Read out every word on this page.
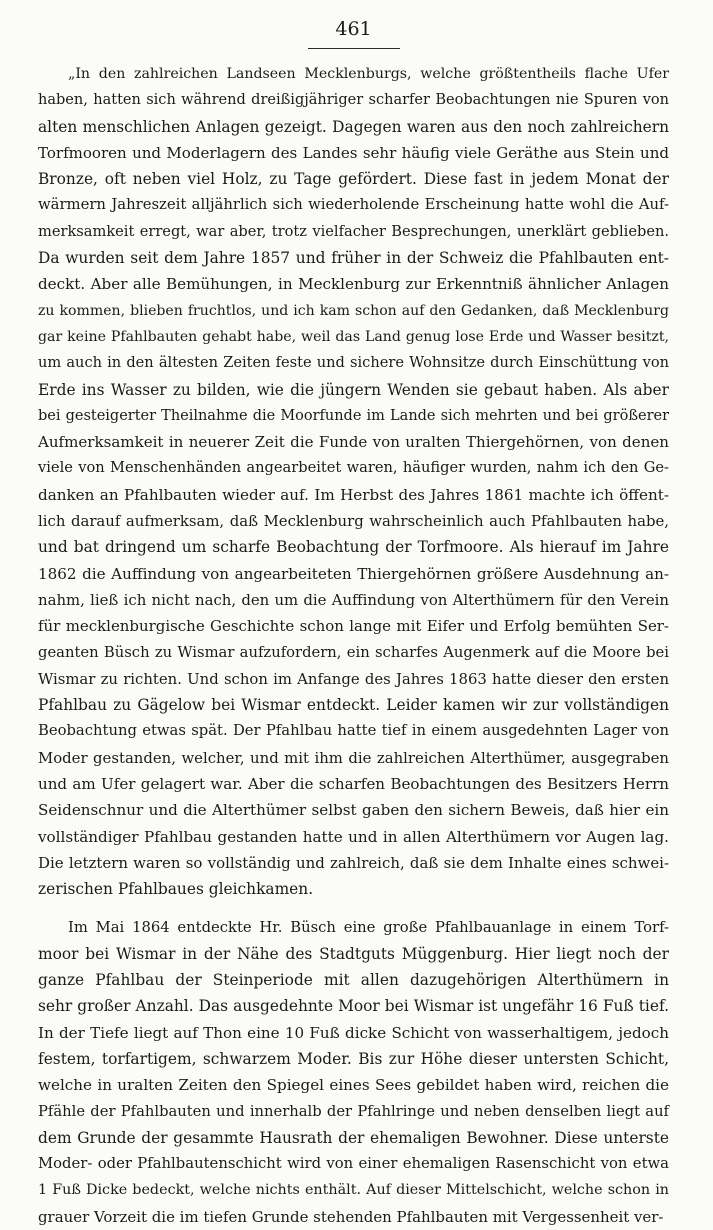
461
„In den zahlreichen Landseen Mecklenburgs, welche größtentheils flache Ufer
haben, hatten sich während dreißigjähriger scharfer Beobachtungen nie Spuren von
alten menschlichen Anlagen gezeigt. Dagegen waren aus den noch zahlreichern
Torfmooren und Moderlagern des Landes sehr häufig viele Geräthe aus Stein und
Bronze, oft neben viel Holz, zu Tage gefördert. Diese fast in jedem Monat der
wärmern Jahreszeit alljährlich sich wiederholende Erscheinung hatte wohl die Auf-
merksamkeit erregt, war aber, trotz vielfacher Besprechungen, unerklärt geblieben.
Da wurden seit dem Jahre 1857 und früher in der Schweiz die Pfahlbauten ent-
deckt. Aber alle Bemühungen, in Mecklenburg zur Erkenntniß ähnlicher Anlagen
zu kommen, blieben fruchtlos, und ich kam schon auf den Gedanken, daß Mecklenburg
gar keine Pfahlbauten gehabt habe, weil das Land genug lose Erde und Wasser besitzt,
um auch in den ältesten Zeiten feste und sichere Wohnsitze durch Einschüttung von
Erde ins Wasser zu bilden, wie die jüngern Wenden sie gebaut haben. Als aber
bei gesteigerter Theilnahme die Moorfunde im Lande sich mehrten und bei größerer
Aufmerksamkeit in neuerer Zeit die Funde von uralten Thiergehörnen, von denen
viele von Menschenhänden angearbeitet waren, häufiger wurden, nahm ich den Ge-
danken an Pfahlbauten wieder auf. Im Herbst des Jahres 1861 machte ich öffent-
lich darauf aufmerksam, daß Mecklenburg wahrscheinlich auch Pfahlbauten habe,
und bat dringend um scharfe Beobachtung der Torfmoore. Als hierauf im Jahre
1862 die Auffindung von angearbeiteten Thiergehörnen größere Ausdehnung an-
nahm, ließ ich nicht nach, den um die Auffindung von Alterthümern für den Verein
für mecklenburgische Geschichte schon lange mit Eifer und Erfolg bemühten Ser-
geanten Büsch zu Wismar aufzufordern, ein scharfes Augenmerk auf die Moore bei
Wismar zu richten. Und schon im Anfange des Jahres 1863 hatte dieser den ersten
Pfahlbau zu Gägelow bei Wismar entdeckt. Leider kamen wir zur vollständigen
Beobachtung etwas spät. Der Pfahlbau hatte tief in einem ausgedehnten Lager von
Moder gestanden, welcher, und mit ihm die zahlreichen Alterthümer, ausgegraben
und am Ufer gelagert war. Aber die scharfen Beobachtungen des Besitzers Herrn
Seidenschnur und die Alterthümer selbst gaben den sichern Beweis, daß hier ein
vollständiger Pfahlbau gestanden hatte und in allen Alterthümern vor Augen lag.
Die letztern waren so vollständig und zahlreich, daß sie dem Inhalte eines schwei-
zerischen Pfahlbaues gleichkamen.
Im Mai 1864 entdeckte Hr. Büsch eine große Pfahlbauanlage in einem Torf-
moor bei Wismar in der Nähe des Stadtguts Müggenburg. Hier liegt noch der
ganze Pfahlbau der Steinperiode mit allen dazugehörigen Alterthümern in
sehr großer Anzahl. Das ausgedehnte Moor bei Wismar ist ungefähr 16 Fuß tief.
In der Tiefe liegt auf Thon eine 10 Fuß dicke Schicht von wasserhaltigem, jedoch
festem, torfartigem, schwarzem Moder. Bis zur Höhe dieser untersten Schicht,
welche in uralten Zeiten den Spiegel eines Sees gebildet haben wird, reichen die
Pfähle der Pfahlbauten und innerhalb der Pfahlringe und neben denselben liegt auf
dem Grunde der gesammte Hausrath der ehemaligen Bewohner. Diese unterste
Moder- oder Pfahlbautenschicht wird von einer ehemaligen Rasenschicht von etwa
1 Fuß Dicke bedeckt, welche nichts enthält. Auf dieser Mittelschicht, welche schon in
grauer Vorzeit die im tiefen Grunde stehenden Pfahlbauten mit Vergessenheit ver-
